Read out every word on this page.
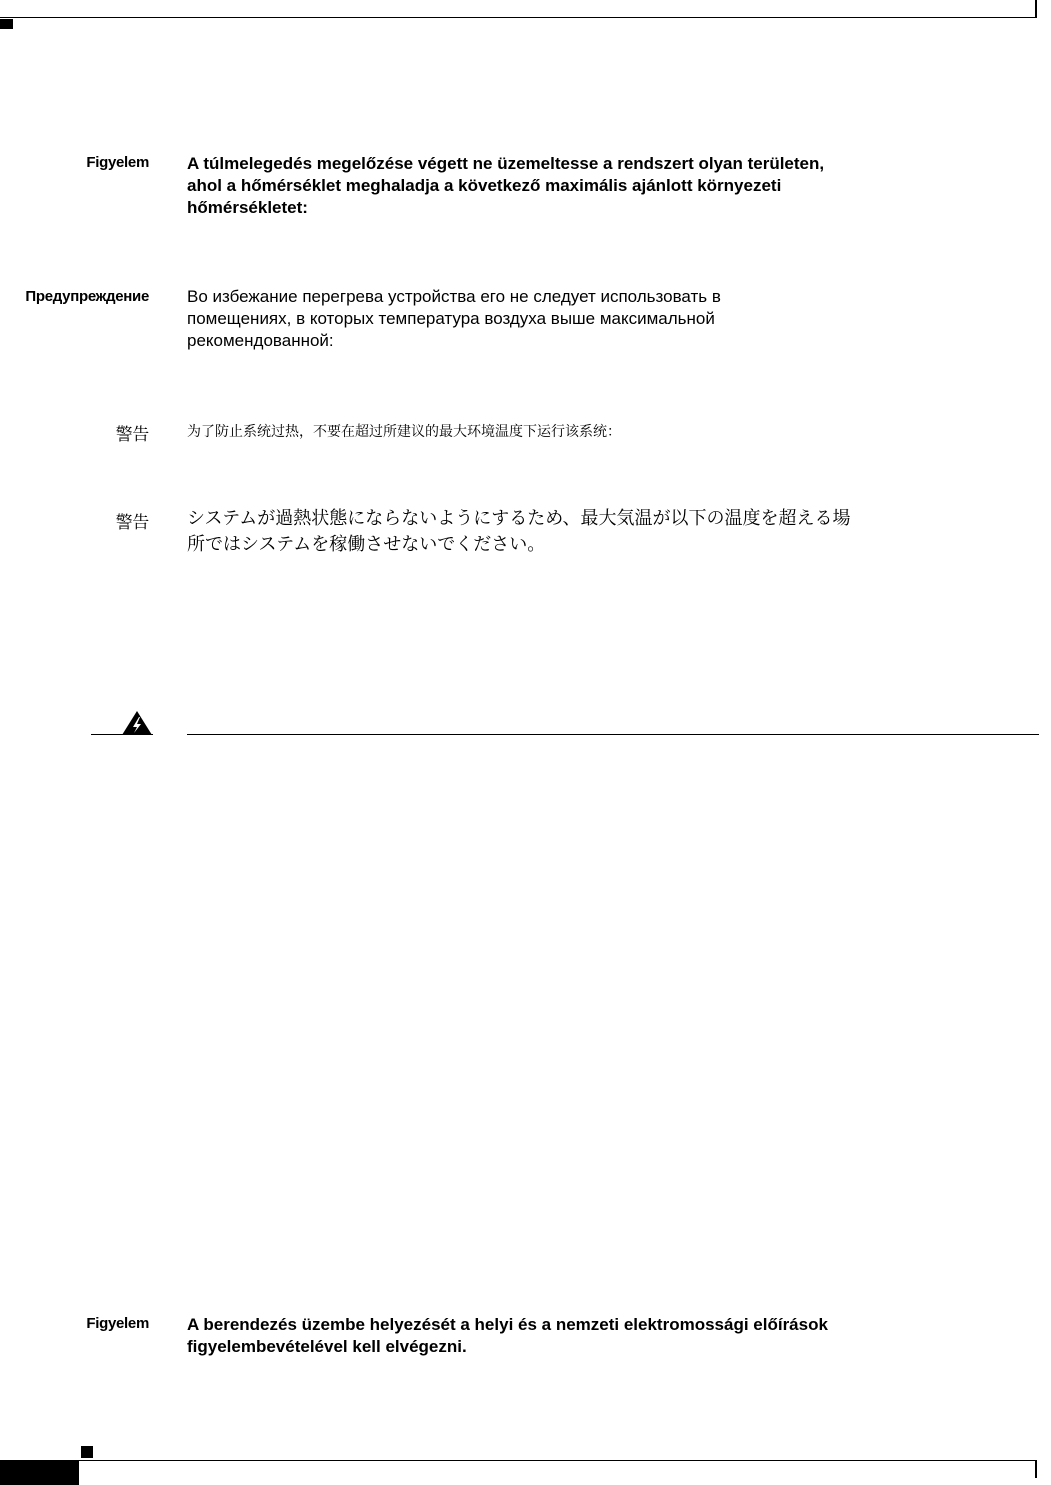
Figyelem A túlmelegedés megelőzése végett ne üzemeltesse a rendszert olyan területen, ahol a hőmérséklet meghaladja a következő maximális ajánlott környezeti hőmérsékletet:
Предупреждение Во избежание перегрева устройства его не следует использовать в помещениях, в которых температура воздуха выше максимальной рекомендованной:
警告	为了防止系统过热，不要在超过所建议的最大环境温度下运行该系统：
警告 システムが過熱状態にならないようにするため、最大気温が以下の温度を超える場所ではシステムを稼働させないでください。
Figyelem A berendezés üzembe helyezését a helyi és a nemzeti elektromossági előírások figyelembevételével kell elvégezni.
